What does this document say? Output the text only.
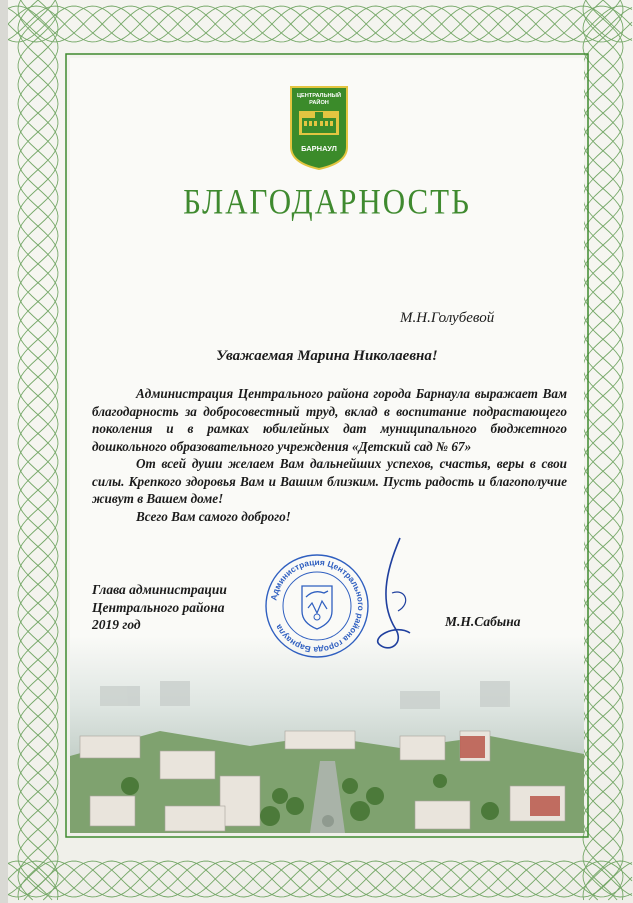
ЦЕНТРАЛЬНЫЙ
РАЙОН
БАРНАУЛ
БЛАГОДАРНОСТЬ
М.Н.Голубевой
Уважаемая Марина Николаевна!

Администрация Центрального района города Барнаула выражает Вам благодарность за добросовестный труд, вклад в воспитание подрастающего поколения и в рамках юбилейных дат муниципального бюджетного дошкольного образовательного учреждения «Детский сад № 67»

От всей души желаем Вам дальнейших успехов, счастья, веры в свои силы. Крепкого здоровья Вам и Вашим близким. Пусть радость и благополучие живут в Вашем доме!

Всего Вам самого доброго!

Глава администрации
Центрального района
2019 год	М.Н.Сабына
Администрация Центрального района города Барнаула
